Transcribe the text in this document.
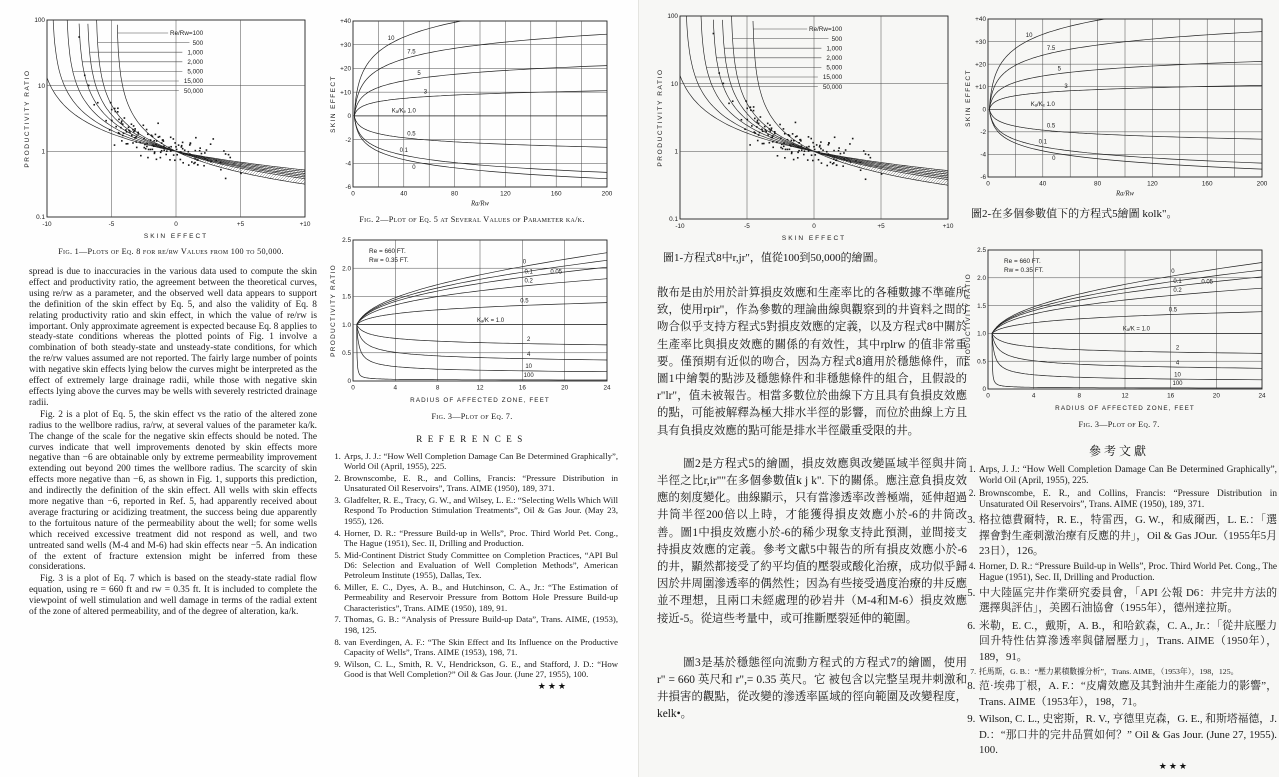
Re/Rw=100
500
1,000
2,000
5,000
15,000
50,000
100
10
1
0.1
-10	-5	0	+5	+10
SKIN EFFECT
PRODUCTIVITY RATIO
Fig. 1—Plots of Eq. 8 for re/rw Values from 100 to 50,000.

spread is due to inaccuracies in the various data used to compute the skin effect and productivity ratio, the agreement between the theoretical curves, using re/rw as a parameter, and the observed well data appears to support the definition of the skin effect by Eq. 5, and also the validity of Eq. 8 relating productivity ratio and skin effect, in which the value of re/rw is important. Only approximate agreement is expected because Eq. 8 applies to steady-state conditions whereas the plotted points of Fig. 1 involve a combination of both steady-state and unsteady-state conditions, for which the re/rw values assumed are not reported. The fairly large number of points with negative skin effects lying below the curves might be interpreted as the effect of extremely large drainage radii, while those with negative skin effects lying above the curves may be wells with severely restricted drainage radii.

Fig. 2 is a plot of Eq. 5, the skin effect vs the ratio of the altered zone radius to the wellbore radius, ra/rw, at several values of the parameter ka/k. The change of the scale for the negative skin effects should be noted. The curves indicate that well improvements denoted by skin effects more negative than −6 are obtainable only by extreme permeability improvement extending out beyond 200 times the wellbore radius. The scarcity of skin effects more negative than −6, as shown in Fig. 1, supports this prediction, and indirectly the definition of the skin effect. All wells with skin effects more negative than −6, reported in Ref. 5, had apparently received about average fracturing or acidizing treatment, the success being due apparently to the fortuitous nature of the permeability about the well; for some wells which received excessive treatment did not respond as well, and two untreated sand wells (M-4 and M-6) had skin effects near −5. An indication of the extent of fracture extension might be inferred from these considerations.

Fig. 3 is a plot of Eq. 7 which is based on the steady-state radial flow equation, using re = 660 ft and rw = 0.35 ft. It is included to complete the viewpoint of well stimulation and well damage in terms of the radial extent of the zone of altered permeability, and of the degree of alteration, ka/k.

10
7.5
5
3
Kₐ/Kₑ 1.0
0.5
0.1
0
+40
+30
+20
+10
0
-2
-4
-6
0	40	80	120	160	200
Ra/Rw
SKIN EFFECT
Fig. 2—Plot of Eq. 5 at Several Values of Parameter ka/k.
0
0.05
0.1
0.2
0.5
Kₐ/K = 1.0
2
4
10
100
Re = 660 FT.
Rw = 0.35 FT.
0
0.5
1.0
1.5
2.0
2.5
0	4	8	12	16	20	24
RADIUS OF AFFECTED ZONE, FEET
PRODUCTIVITY RATIO
Fig. 3—Plot of Eq. 7.
REFERENCES
1. Arps, J. J.: “How Well Completion Damage Can Be Determined Graphically”, World Oil (April, 1955), 225.
2. Brownscombe, E. R., and Collins, Francis: “Pressure Distribution in Unsaturated Oil Reservoirs”, Trans. AIME (1950), 189, 371.
3. Gladfelter, R. E., Tracy, G. W., and Wilsey, L. E.: “Selecting Wells Which Will Respond To Production Stimulation Treatments”, Oil & Gas Jour. (May 23, 1955), 126.
4. Horner, D. R.: “Pressure Build-up in Wells”, Proc. Third World Pet. Cong., The Hague (1951), Sec. II, Drilling and Production.
5. Mid-Continent District Study Committee on Completion Practices, “API Bul D6: Selection and Evaluation of Well Completion Methods”, American Petroleum Institute (1955), Dallas, Tex.
6. Miller, E. C., Dyes, A. B., and Hutchinson, C. A., Jr.: “The Estimation of Permeability and Reservoir Pressure from Bottom Hole Pressure Build-up Characteristics”, Trans. AIME (1950), 189, 91.
7. Thomas, G. B.: “Analysis of Pressure Build-up Data”, Trans. AIME, (1953), 198, 125.
8. van Everdingen, A. F.: “The Skin Effect and Its Influence on the Productive Capacity of Wells”, Trans. AIME (1953), 198, 71.
9. Wilson, C. L., Smith, R. V., Hendrickson, G. E., and Stafford, J. D.: “How Good is that Well Completion?” Oil & Gas Jour. (June 27, 1955), 100.
★★★
Re/Rw=100
500
1,000
2,000
5,000
15,000
50,000
100
10
1
0.1
-10	-5	0	+5	+10
SKIN EFFECT
PRODUCTIVITY RATIO
圖1-方程式8中r,jr"，值從100到50,000的繪圖。

散布是由於用於計算損皮效應和生產率比的各種數據不準確所致，使用rpir"，作為參數的理論曲線與觀察到的井資料之間的吻合似乎支持方程式5對損皮效應的定義，以及方程式8中關於生產率比與損皮效應的關係的有效性，其中rplrw 的值非常重要。僅預期有近似的吻合，因為方程式8適用於穩態條件，而圖1中繪製的點涉及穩態條件和非穩態條件的組合，且假設的r"lr"，值未被報告。相當多數位於曲線下方且具有負損皮效應的點，可能被解釋為極大排水半徑的影響，而位於曲線上方且具有負損皮效應的點可能是排水半徑嚴重受限的井。

圖2是方程式5的繪圖，損皮效應與改變區域半徑與井筒半徑之比r,ir""在多個參數值k j k". 下的關係。應注意負損皮效應的刻度變化。曲線顯示，只有當滲透率改善極端，延伸超過井筒半徑200倍以上時，才能獲得損皮效應小於-6的井筒改善。圖1中損皮效應小於-6的稀少現象支持此預測，並間接支持損皮效應的定義。參考文獻5中報告的所有損皮效應小於-6的井，顯然都接受了約平均值的壓裂或酸化治療，成功似乎歸因於井周圍滲透率的偶然性；因為有些接受過度治療的井反應並不理想，且兩口未經處理的砂岩井（M-4和M-6）損皮效應接近-5。從這些考量中，或可推斷壓裂延伸的範圍。

圖3是基於穩態徑向流動方程式的方程式7的繪圖，使用 r" = 660 英尺和 r",= 0.35 英尺。它 被包含以完整呈現井刺激和井損害的觀點，從改變的滲透率區域的徑向範圍及改變程度，kelk•。

10
7.5
5
3
Kₐ/Kₑ 1.0
0.5
0.1
0
+40
+30
+20
+10
0
-2
-4
-6
0	40	80	120	160	200
Ra/Rw
SKIN EFFECT
圖2-在多個參數值下的方程式5繪圖 kolk"。
0
0.05
0.1
0.2
0.5
Kₐ/K = 1.0
2
4
10
100
Re = 660 FT.
Rw = 0.35 FT.
0
0.5
1.0
1.5
2.0
2.5
0	4	8	12	16	20	24
RADIUS OF AFFECTED ZONE, FEET
PRODUCTIVITY RATIO
Fig. 3—Plot of Eq. 7.
參考文獻
1. Arps, J. J.: “How Well Completion Damage Can Be Determined Graphically”, World Oil (April, 1955), 225.
2. Brownscombe, E. R., and Collins, Francis: “Pressure Distribution in Unsaturated Oil Reservoirs”, Trans. AIME (1950), 189, 371.
3. 格拉德費爾特，R. E.，特雷西，G. W.，和威爾西，L. E.：「選擇會對生產刺激治療有反應的井」，Oil & Gas JOur.（1955年5月23日），126。
4. Horner, D. R.: “Pressure Build-up in Wells”, Proc. Third World Pet. Cong., The Hague (1951), Sec. II, Drilling and Production.
5. 中大陸區完井作業研究委員會，「API 公報 D6：井完井方法的選擇與評估」，美國石油協會（1955年），德州達拉斯。
6. 米勒，E. C.，戴斯，A. B.，和哈欽森，C. A., Jr.：「從井底壓力回升特性估算滲透率與儲層壓力」，Trans. AIME（1950年），189，91。
7. 托馬斯，G. B.：“壓力累積數據分析”，Trans. AIME，（1953年），198，125。
8. 范·埃弗丁根，A. F.：“皮膚效應及其對油井生產能力的影響”，Trans. AIME（1953年），198，71。
9. Wilson, C. L., 史密斯，R. V., 亨德里克森，G. E., 和斯塔福德，J. D.：“那口井的完井品質如何？” Oil & Gas Jour. (June 27, 1955). 100.
★★★
